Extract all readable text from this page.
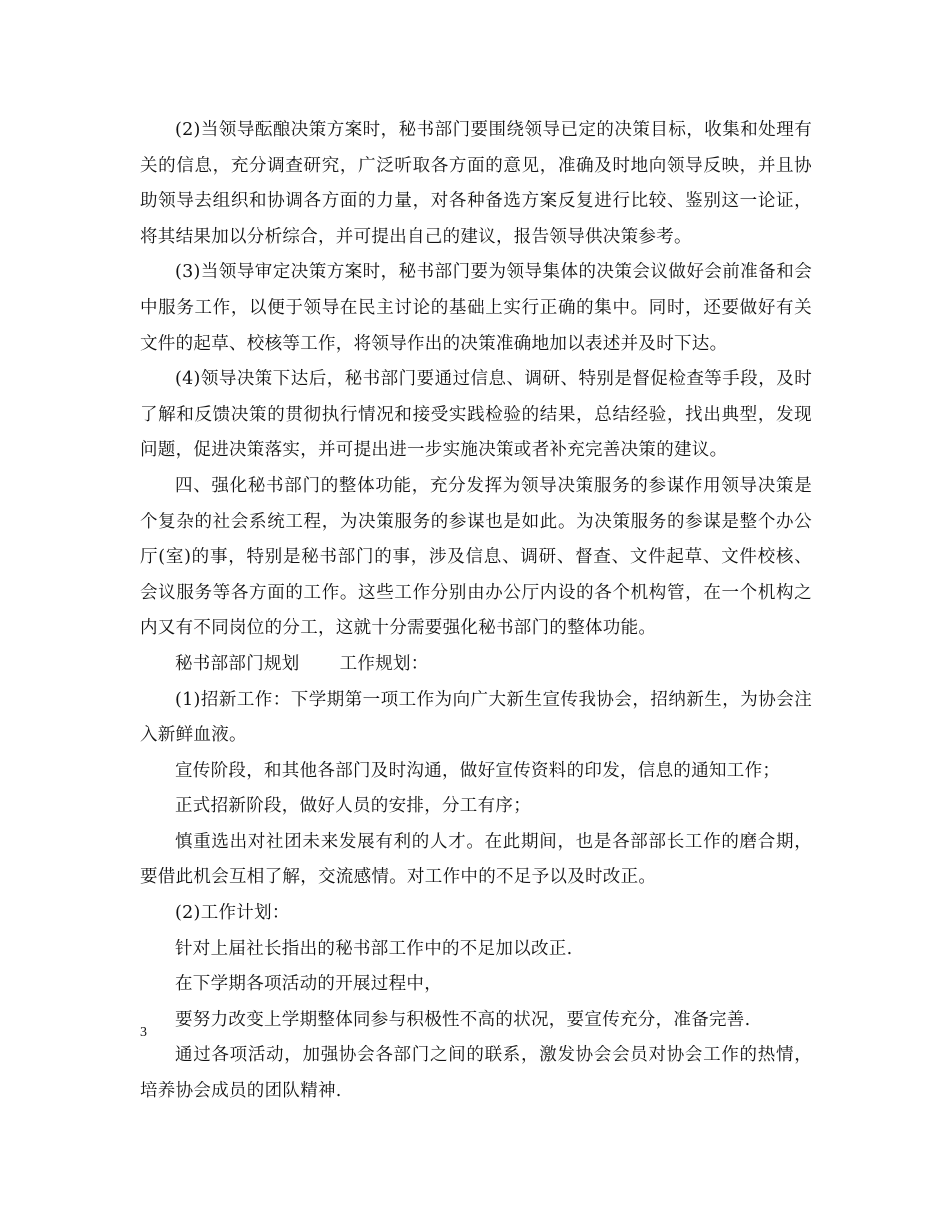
(2)当领导酝酿决策方案时，秘书部门要围绕领导已定的决策目标，收集和处理有关的信息，充分调查研究，广泛听取各方面的意见，准确及时地向领导反映，并且协助领导去组织和协调各方面的力量，对各种备选方案反复进行比较、鉴别这一论证，将其结果加以分析综合，并可提出自己的建议，报告领导供决策参考。

(3)当领导审定决策方案时，秘书部门要为领导集体的决策会议做好会前准备和会中服务工作，以便于领导在民主讨论的基础上实行正确的集中。同时，还要做好有关文件的起草、校核等工作，将领导作出的决策准确地加以表述并及时下达。

(4)领导决策下达后，秘书部门要通过信息、调研、特别是督促检查等手段，及时了解和反馈决策的贯彻执行情况和接受实践检验的结果，总结经验，找出典型，发现问题，促进决策落实，并可提出进一步实施决策或者补充完善决策的建议。

四、强化秘书部门的整体功能，充分发挥为领导决策服务的参谋作用领导决策是个复杂的社会系统工程，为决策服务的参谋也是如此。为决策服务的参谋是整个办公厅(室)的事，特别是秘书部门的事，涉及信息、调研、督查、文件起草、文件校核、会议服务等各方面的工作。这些工作分别由办公厅内设的各个机构管，在一个机构之内又有不同岗位的分工，这就十分需要强化秘书部门的整体功能。

秘书部部门规划 工作规划：

(1)招新工作：下学期第一项工作为向广大新生宣传我协会，招纳新生，为协会注入新鲜血液。

宣传阶段，和其他各部门及时沟通，做好宣传资料的印发，信息的通知工作；

正式招新阶段，做好人员的安排，分工有序；

慎重选出对社团未来发展有利的人才。在此期间，也是各部部长工作的磨合期，要借此机会互相了解，交流感情。对工作中的不足予以及时改正。

(2)工作计划：

针对上届社长指出的秘书部工作中的不足加以改正.

在下学期各项活动的开展过程中，

要努力改变上学期整体同参与积极性不高的状况，要宣传充分，准备完善.

通过各项活动，加强协会各部门之间的联系，激发协会会员对协会工作的热情，培养协会成员的团队精神.

3
